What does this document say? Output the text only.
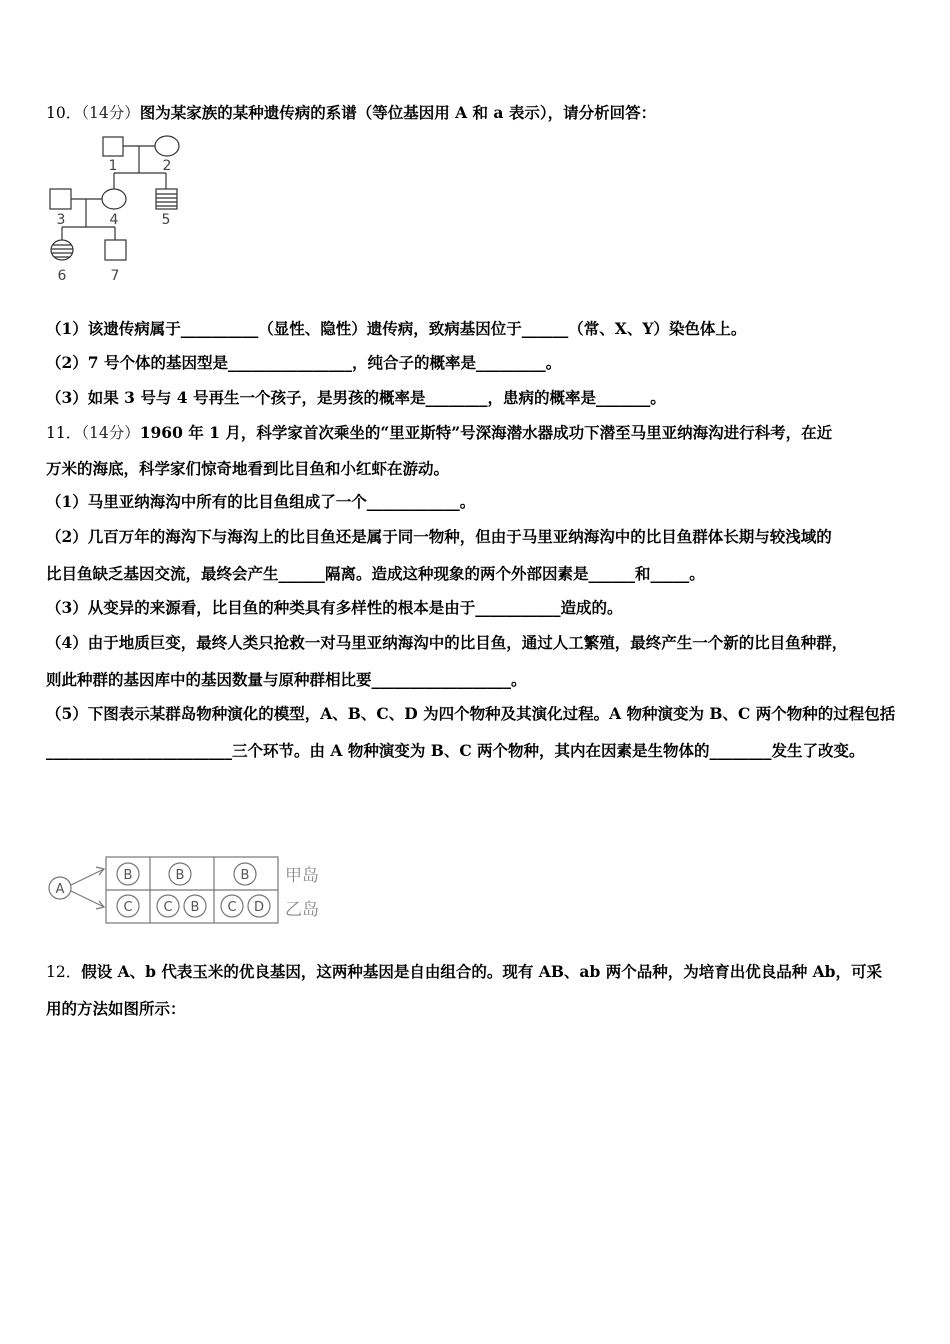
10．（14分）图为某家族的某种遗传病的系谱（等位基因用 A 和 a 表示），请分析回答：
1	2
3	4	5
6	7
（1）该遗传病属于__________（显性、隐性）遗传病，致病基因位于______（常、X、Y）染色体上。
（2）7 号个体的基因型是________________，纯合子的概率是_________。
（3）如果 3 号与 4 号再生一个孩子，是男孩的概率是________，患病的概率是_______。
11．（14分）1960 年 1 月，科学家首次乘坐的“里亚斯特”号深海潜水器成功下潜至马里亚纳海沟进行科考，在近
万米的海底，科学家们惊奇地看到比目鱼和小红虾在游动。
（1）马里亚纳海沟中所有的比目鱼组成了一个____________。
（2）几百万年的海沟下与海沟上的比目鱼还是属于同一物种，但由于马里亚纳海沟中的比目鱼群体长期与较浅域的
比目鱼缺乏基因交流，最终会产生______隔离。造成这种现象的两个外部因素是______和_____。
（3）从变异的来源看，比目鱼的种类具有多样性的根本是由于___________造成的。
（4）由于地质巨变，最终人类只抢救一对马里亚纳海沟中的比目鱼，通过人工繁殖，最终产生一个新的比目鱼种群，
则此种群的基因库中的基因数量与原种群相比要__________________。
（5）下图表示某群岛物种演化的模型，A、B、C、D 为四个物种及其演化过程。A 物种演变为 B、C 两个物种的过程包括
________________________三个环节。由 A 物种演变为 B、C 两个物种，其内在因素是生物体的________发生了改变。
A
B	B	B
C C B C D
甲岛
乙岛
12．假设 A、b 代表玉米的优良基因，这两种基因是自由组合的。现有 AB、ab 两个品种，为培育出优良品种 Ab，可采
用的方法如图所示：
